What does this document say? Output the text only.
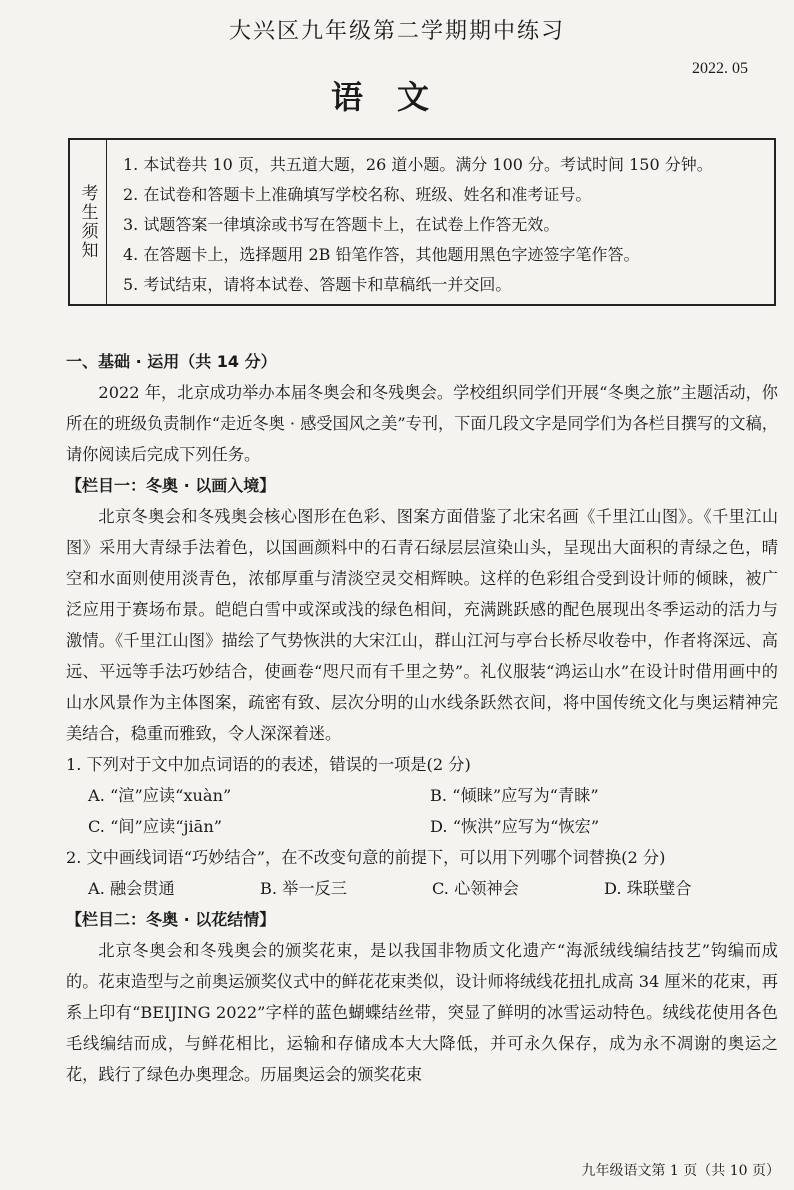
大兴区九年级第二学期期中练习
2022. 05
语文
考生须知
1. 本试卷共 10 页，共五道大题，26 道小题。满分 100 分。考试时间 150 分钟。
2. 在试卷和答题卡上准确填写学校名称、班级、姓名和准考证号。
3. 试题答案一律填涂或书写在答题卡上，在试卷上作答无效。
4. 在答题卡上，选择题用 2B 铅笔作答，其他题用黑色字迹签字笔作答。
5. 考试结束，请将本试卷、答题卡和草稿纸一并交回。

一、基础 · 运用（共 14 分）

2022 年，北京成功举办本届冬奥会和冬残奥会。学校组织同学们开展“冬奥之旅”主题活动，你所在的班级负责制作“走近冬奥 · 感受国风之美”专刊，下面几段文字是同学们为各栏目撰写的文稿，请你阅读后完成下列任务。

【栏目一：冬奥 · 以画入境】

北京冬奥会和冬残奥会核心图形在色彩、图案方面借鉴了北宋名画《千里江山图》。《千里江山图》采用大青绿手法着色，以国画颜料中的石青石绿层层渲染山头，呈现出大面积的青绿之色，晴空和水面则使用淡青色，浓郁厚重与清淡空灵交相辉映。这样的色彩组合受到设计师的倾睐，被广泛应用于赛场布景。皑皑白雪中或深或浅的绿色相间，充满跳跃感的配色展现出冬季运动的活力与激情。《千里江山图》描绘了气势恢洪的大宋江山，群山江河与亭台长桥尽收卷中，作者将深远、高远、平远等手法巧妙结合，使画卷“咫尺而有千里之势”。礼仪服装“鸿运山水”在设计时借用画中的山水风景作为主体图案，疏密有致、层次分明的山水线条跃然衣间，将中国传统文化与奥运精神完美结合，稳重而雅致，令人深深着迷。

1. 下列对于文中加点词语的的表述，错误的一项是(2 分)

A. “渲”应读“xuàn”	B. “倾睐”应写为“青睐”
C. “间”应读“jiān”	D. “恢洪”应写为“恢宏”

2. 文中画线词语“巧妙结合”，在不改变句意的前提下，可以用下列哪个词替换(2 分)

A. 融会贯通	B. 举一反三	C. 心领神会	D. 珠联璧合

【栏目二：冬奥 · 以花结情】

北京冬奥会和冬残奥会的颁奖花束，是以我国非物质文化遗产“海派绒线编结技艺”钩编而成的。花束造型与之前奥运颁奖仪式中的鲜花花束类似，设计师将绒线花扭扎成高 34 厘米的花束，再系上印有“BEIJING 2022”字样的蓝色蝴蝶结丝带，突显了鲜明的冰雪运动特色。绒线花使用各色毛线编结而成，与鲜花相比，运输和存储成本大大降低，并可永久保存，成为永不凋谢的奥运之花，践行了绿色办奥理念。历届奥运会的颁奖花束

九年级语文第 1 页（共 10 页）
